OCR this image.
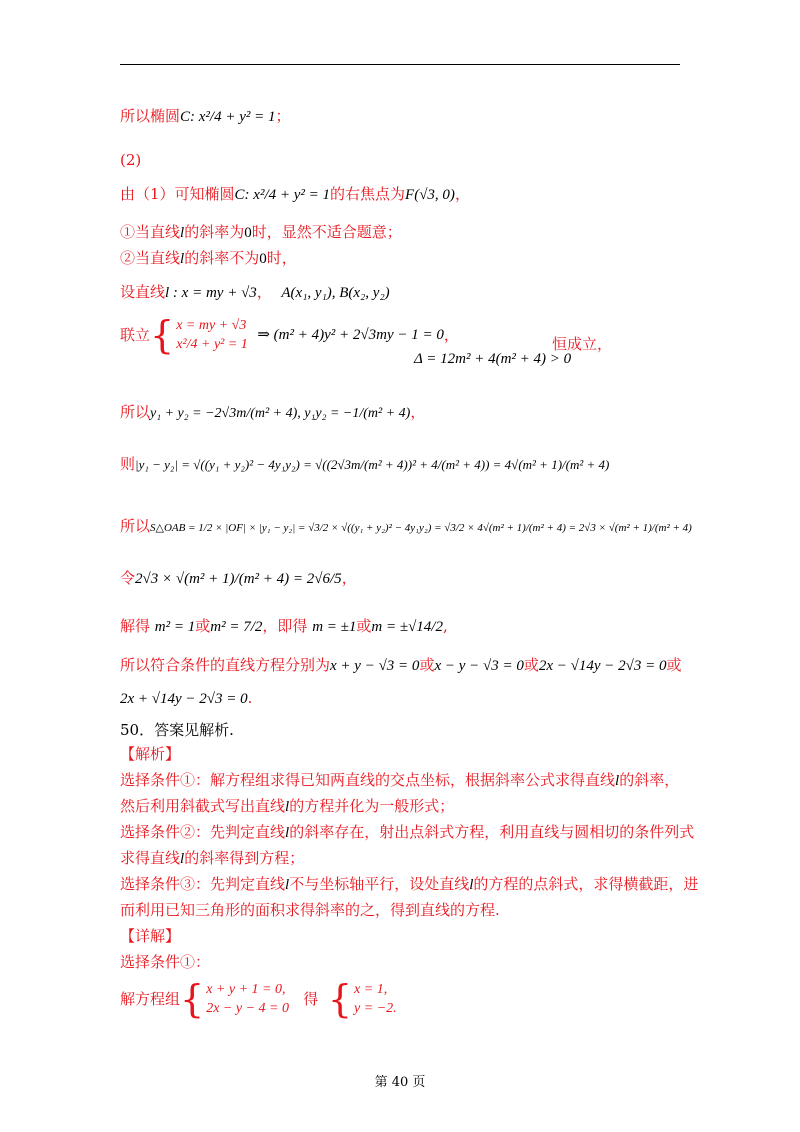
所以椭圆C: x²/4 + y² = 1；
(2)
由（1）可知椭圆C: x²/4 + y² = 1的右焦点为F(√3, 0)，
①当直线l的斜率为0时，显然不适合题意；
②当直线l的斜率不为0时，
设直线l : x = my + √3， A(x₁, y₁), B(x₂, y₂)
联立{ x = my + √3
x²/4 + y² = 1
⇒ (m² + 4)y² + 2√3my − 1 = 0，	恒成立，
Δ = 12m² + 4(m² + 4) > 0
所以y₁ + y₂ = −2√3m/(m² + 4), y₁y₂ = −1/(m² + 4)，
则|y₁ − y₂| = √((y₁ + y₂)² − 4y₁y₂) = √((2√3m/(m² + 4))² + 4/(m² + 4)) = 4√(m² + 1)/(m² + 4)
所以S△OAB = 1/2 × |OF| × |y₁ − y₂| = √3/2 × √((y₁ + y₂)² − 4y₁y₂) = √3/2 × 4√(m² + 1)/(m² + 4) = 2√3 × √(m² + 1)/(m² + 4)
令2√3 × √(m² + 1)/(m² + 4) = 2√6/5，
解得 m² = 1或m² = 7/2，即得 m = ±1或m = ±√14/2,
所以符合条件的直线方程分别为x + y − √3 = 0或x − y − √3 = 0或2x − √14y − 2√3 = 0或
2x + √14y − 2√3 = 0.
50．答案见解析.
【解析】
选择条件①：解方程组求得已知两直线的交点坐标，根据斜率公式求得直线l的斜率，
然后利用斜截式写出直线l的方程并化为一般形式；
选择条件②：先判定直线l的斜率存在，射出点斜式方程，利用直线与圆相切的条件列式
求得直线l的斜率得到方程；
选择条件③：先判定直线l不与坐标轴平行，设处直线l的方程的点斜式，求得横截距，进
而利用已知三角形的面积求得斜率的之，得到直线的方程.
【详解】
选择条件①：
解方程组{ x + y + 1 = 0,
2x − y − 4 = 0
得 { x = 1,
y = −2.
第 40 页
